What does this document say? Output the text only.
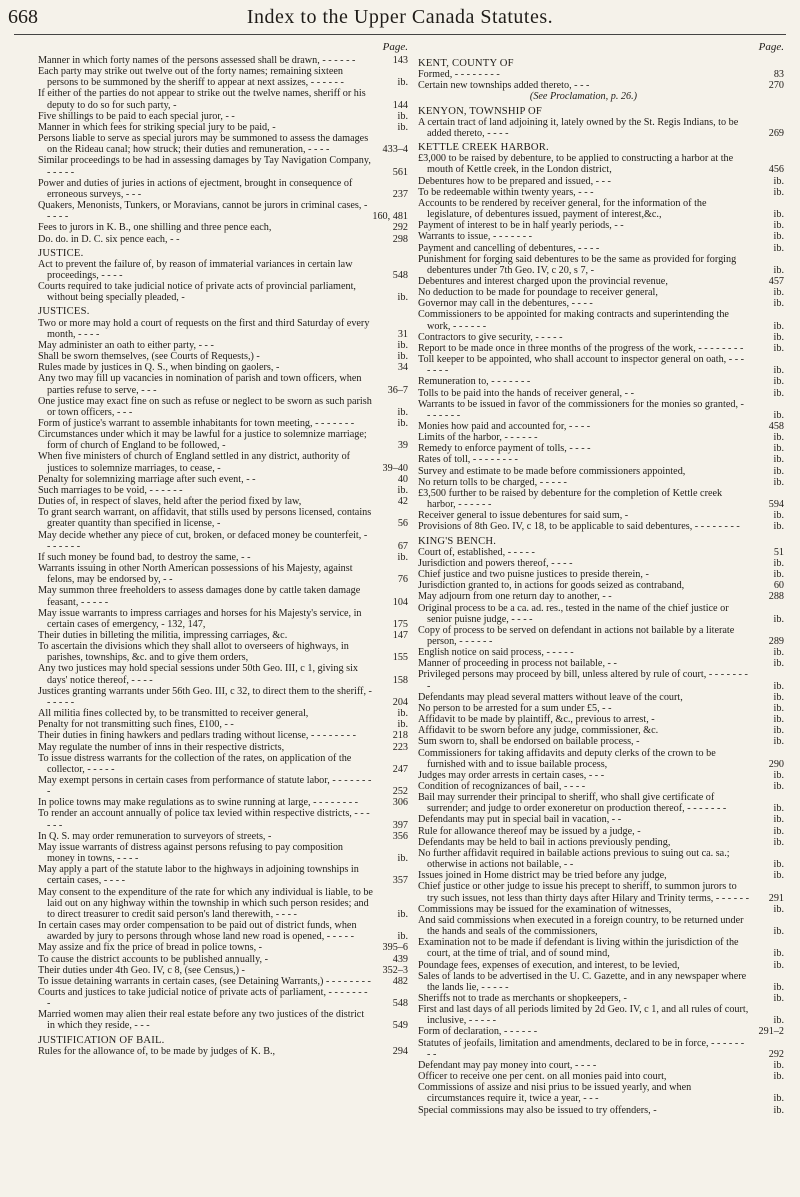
668	Index to the Upper Canada Statutes.
Page.
Manner in which forty names of the persons assessed shall be drawn, - - - - - -	143
Each party may strike out twelve out of the forty names; remaining sixteen persons to be summoned by the sheriff to appear at next assizes, - - - - - -	ib.
If either of the parties do not appear to strike out the twelve names, sheriff or his deputy to do so for such party, -	144
Five shillings to be paid to each special juror, - -	ib.
Manner in which fees for striking special jury to be paid, -	ib.
Persons liable to serve as special jurors may be summoned to assess the damages on the Rideau canal; how struck; their duties and remuneration, - - - -	433–4
Similar proceedings to be had in assessing damages by Tay Navigation Company, - - - - -	561
Power and duties of juries in actions of ejectment, brought in consequence of erroneous surveys, - - -	237
Quakers, Menonists, Tunkers, or Moravians, cannot be jurors in criminal cases, - - - - -	160, 481
Fees to jurors in K. B., one shilling and three pence each,	292
Do. do. in D. C. six pence each, - -	298
JUSTICE.
Act to prevent the failure of, by reason of immaterial variances in certain law proceedings, - - - -	548
Courts required to take judicial notice of private acts of provincial parliament, without being specially pleaded, -	ib.
JUSTICES.
Two or more may hold a court of requests on the first and third Saturday of every month, - - - -	31
May administer an oath to either party, - - -	ib.
Shall be sworn themselves, (see Courts of Requests,) -	ib.
Rules made by justices in Q. S., when binding on gaolers, -	34
Any two may fill up vacancies in nomination of parish and town officers, when parties refuse to serve, - - -	36–7
One justice may exact fine on such as refuse or neglect to be sworn as such parish or town officers, - - -	ib.
Form of justice's warrant to assemble inhabitants for town meeting, - - - - - - -	ib.
Circumstances under which it may be lawful for a justice to solemnize marriage; form of church of England to be followed, -	39
When five ministers of church of England settled in any district, authority of justices to solemnize marriages, to cease, -	39–40
Penalty for solemnizing marriage after such event, - -	40
Such marriages to be void, - - - - - -	ib.
Duties of, in respect of slaves, held after the period fixed by law,	42
To grant search warrant, on affidavit, that stills used by persons licensed, contains greater quantity than specified in license, -	56
May decide whether any piece of cut, broken, or defaced money be counterfeit, - - - - - - -	67
If such money be found bad, to destroy the same, - -	ib.
Warrants issuing in other North American possessions of his Majesty, against felons, may be endorsed by, - -	76
May summon three freeholders to assess damages done by cattle taken damage feasant, - - - - -	104
May issue warrants to impress carriages and horses for his Majesty's service, in certain cases of emergency, - 132, 147,	175
Their duties in billeting the militia, impressing carriages, &c.	147
To ascertain the divisions which they shall allot to overseers of highways, in parishes, townships, &c. and to give them orders,	155
Any two justices may hold special sessions under 50th Geo. III, c 1, giving six days' notice thereof, - - - -	158
Justices granting warrants under 56th Geo. III, c 32, to direct them to the sheriff, - - - - - -	204
All militia fines collected by, to be transmitted to receiver general,	ib.
Penalty for not transmitting such fines, £100, - -	ib.
Their duties in fining hawkers and pedlars trading without license, - - - - - - - -	218
May regulate the number of inns in their respective districts,	223
To issue distress warrants for the collection of the rates, on application of the collector, - - - - -	247
May exempt persons in certain cases from performance of statute labor, - - - - - - - -	252
In police towns may make regulations as to swine running at large, - - - - - - - -	306
To render an account annually of police tax levied within respective districts, - - - - - -	397
In Q. S. may order remuneration to surveyors of streets, -	356
May issue warrants of distress against persons refusing to pay composition money in towns, - - - -	ib.
May apply a part of the statute labor to the highways in adjoining townships in certain cases, - - - -	357
May consent to the expenditure of the rate for which any individual is liable, to be laid out on any highway within the township in which such person resides; and to direct treasurer to credit said person's land therewith, - - - -	ib.
In certain cases may order compensation to be paid out of district funds, when awarded by jury to persons through whose land new road is opened, - - - - -	ib.
May assize and fix the price of bread in police towns, -	395–6
To cause the district accounts to be published annually, -	439
Their duties under 4th Geo. IV, c 8, (see Census,) -	352–3
To issue detaining warrants in certain cases, (see Detaining Warrants,) - - - - - - - -	482
Courts and justices to take judicial notice of private acts of parliament, - - - - - - - -	548
Married women may alien their real estate before any two justices of the district in which they reside, - - -	549
JUSTIFICATION OF BAIL.
Rules for the allowance of, to be made by judges of K. B.,	294
Page.
KENT, COUNTY OF
Formed, - - - - - - - -	83
Certain new townships added thereto, - - -	270
(See Proclamation, p. 26.)
KENYON, TOWNSHIP OF
A certain tract of land adjoining it, lately owned by the St. Regis Indians, to be added thereto, - - - -	269
KETTLE CREEK HARBOR.
£3,000 to be raised by debenture, to be applied to constructing a harbor at the mouth of Kettle creek, in the London district,	456
Debentures how to be prepared and issued, - - -	ib.
To be redeemable within twenty years, - - -	ib.
Accounts to be rendered by receiver general, for the information of the legislature, of debentures issued, payment of interest,&c.,	ib.
Payment of interest to be in half yearly periods, - -	ib.
Warrants to issue, - - - - - - -	ib.
Payment and cancelling of debentures, - - - -	ib.
Punishment for forging said debentures to be the same as provided for forging debentures under 7th Geo. IV, c 20, s 7, -	ib.
Debentures and interest charged upon the provincial revenue,	457
No deduction to be made for poundage to receiver general,	ib.
Governor may call in the debentures, - - - -	ib.
Commissioners to be appointed for making contracts and superintending the work, - - - - - -	ib.
Contractors to give security, - - - - -	ib.
Report to be made once in three months of the progress of the work, - - - - - - - -	ib.
Toll keeper to be appointed, who shall account to inspector general on oath, - - - - - - -	ib.
Remuneration to, - - - - - - -	ib.
Tolls to be paid into the hands of receiver general, - -	ib.
Warrants to be issued in favor of the commissioners for the monies so granted, - - - - - - -	ib.
Monies how paid and accounted for, - - - -	458
Limits of the harbor, - - - - - -	ib.
Remedy to enforce payment of tolls, - - - -	ib.
Rates of toll, - - - - - - - -	ib.
Survey and estimate to be made before commissioners appointed,	ib.
No return tolls to be charged, - - - - -	ib.
£3,500 further to be raised by debenture for the completion of Kettle creek harbor, - - - - - -	594
Receiver general to issue debentures for said sum, -	ib.
Provisions of 8th Geo. IV, c 18, to be applicable to said debentures, - - - - - - - -	ib.
KING'S BENCH.
Court of, established, - - - - -	51
Jurisdiction and powers thereof, - - - -	ib.
Chief justice and two puisne justices to preside therein, -	ib.
Jurisdiction granted to, in actions for goods seized as contraband,	60
May adjourn from one return day to another, - -	288
Original process to be a ca. ad. res., tested in the name of the chief justice or senior puisne judge, - - - -	ib.
Copy of process to be served on defendant in actions not bailable by a literate person, - - - - - -	289
English notice on said process, - - - - -	ib.
Manner of proceeding in process not bailable, - -	ib.
Privileged persons may proceed by bill, unless altered by rule of court, - - - - - - - -	ib.
Defendants may plead several matters without leave of the court,	ib.
No person to be arrested for a sum under £5, - -	ib.
Affidavit to be made by plaintiff, &c., previous to arrest, -	ib.
Affidavit to be sworn before any judge, commissioner, &c.	ib.
Sum sworn to, shall be endorsed on bailable process, -	ib.
Commissioners for taking affidavits and deputy clerks of the crown to be furnished with and to issue bailable process,	290
Judges may order arrests in certain cases, - - -	ib.
Condition of recognizances of bail, - - - -	ib.
Bail may surrender their principal to sheriff, who shall give certificate of surrender; and judge to order exoneretur on production thereof, - - - - - - -	ib.
Defendants may put in special bail in vacation, - -	ib.
Rule for allowance thereof may be issued by a judge, -	ib.
Defendants may be held to bail in actions previously pending,	ib.
No further affidavit required in bailable actions previous to suing out ca. sa.; otherwise in actions not bailable, - -	ib.
Issues joined in Home district may be tried before any judge,	ib.
Chief justice or other judge to issue his precept to sheriff, to summon jurors to try such issues, not less than thirty days after Hilary and Trinity terms, - - - - - -	291
Commissions may be issued for the examination of witnesses,	ib.
And said commissions when executed in a foreign country, to be returned under the hands and seals of the commissioners,	ib.
Examination not to be made if defendant is living within the jurisdiction of the court, at the time of trial, and of sound mind,	ib.
Poundage fees, expenses of execution, and interest, to be levied,	ib.
Sales of lands to be advertised in the U. C. Gazette, and in any newspaper where the lands lie, - - - - -	ib.
Sheriffs not to trade as merchants or shopkeepers, -	ib.
First and last days of all periods limited by 2d Geo. IV, c 1, and all rules of court, inclusive, - - - - -	ib.
Form of declaration, - - - - - -	291–2
Statutes of jeofails, limitation and amendments, declared to be in force, - - - - - - - -	292
Defendant may pay money into court, - - - -	ib.
Officer to receive one per cent. on all monies paid into court,	ib.
Commissions of assize and nisi prius to be issued yearly, and when circumstances require it, twice a year, - - -	ib.
Special commissions may also be issued to try offenders, -	ib.
